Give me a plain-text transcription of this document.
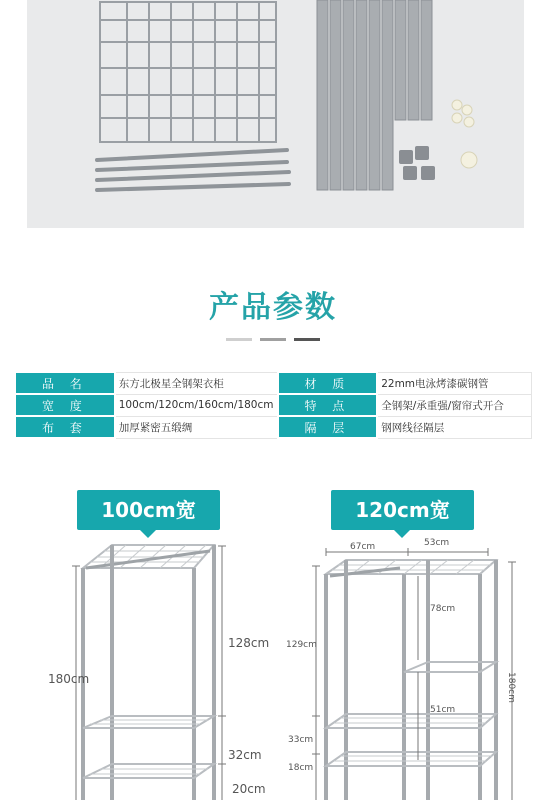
产品参数
品 名	东方北极星全钢架衣柜	材 质	22mm电泳烤漆碳钢管
宽 度	100cm/120cm/160cm/180cm	特 点	全钢架/承重强/窗帘式开合
布 套	加厚紧密五缎绸	隔 层	钢网线径隔层
100cm宽	120cm宽
180cm
128cm
32cm
20cm
67cm	53cm
129cm
78cm
51cm
180cm
33cm
18cm
